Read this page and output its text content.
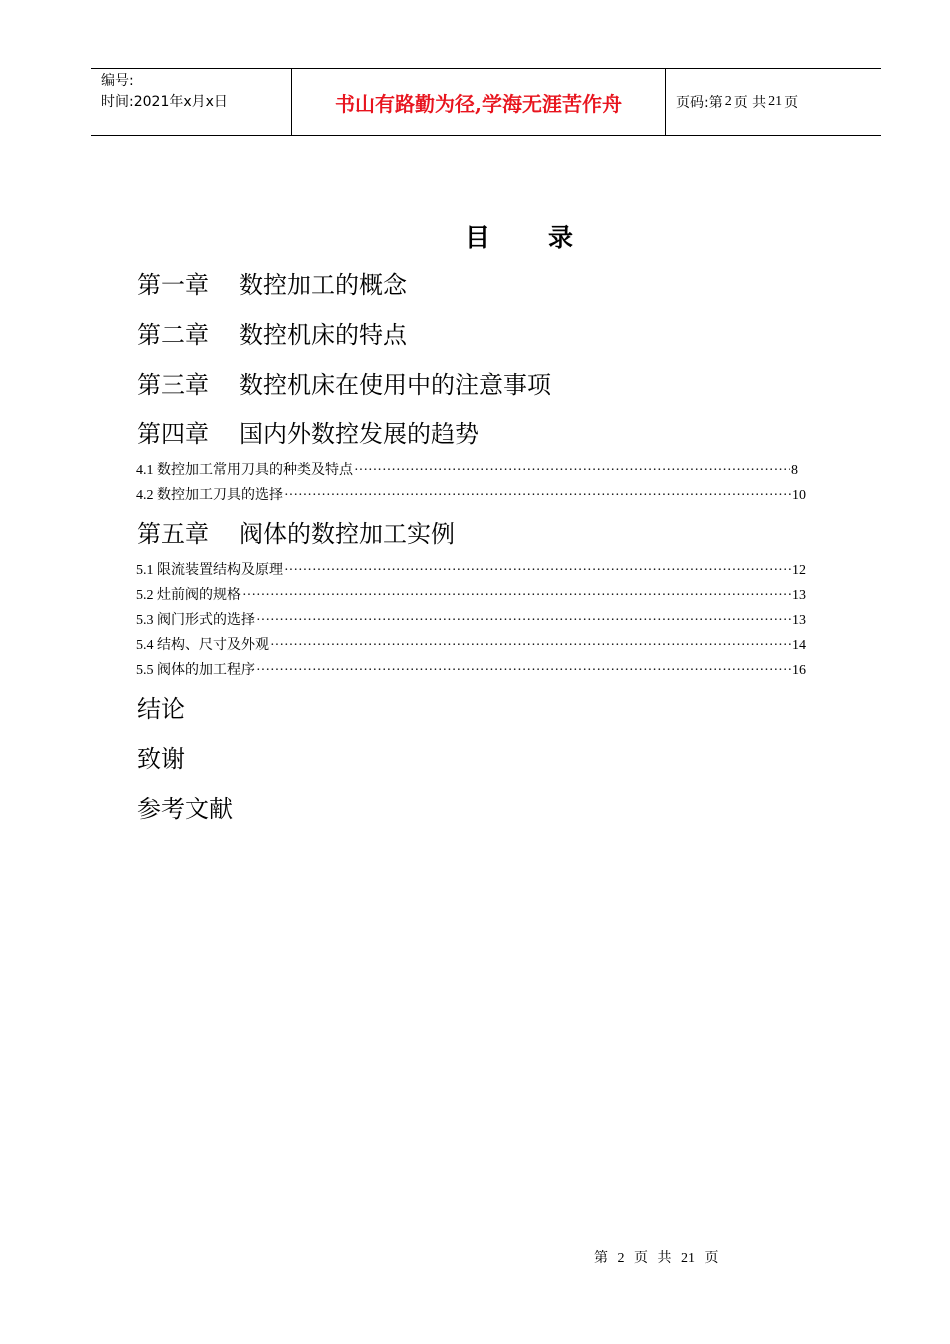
编号:
时间:2021年x月x日	书山有路勤为径,学海无涯苦作舟	页码:第 2 页 共 21 页
目 录
第一章 数控加工的概念
第二章 数控机床的特点
第三章 数控机床在使用中的注意事项
第四章 国内外数控发展的趋势
4.1 数控加工常用刀具的种类及特点 ·····	8
4.2 数控加工刀具的选择 ·····	10
第五章 阀体的数控加工实例
5.1 限流装置结构及原理 ·····	12
5.2 灶前阀的规格 ·····	13
5.3 阀门形式的选择 ·····	13
5.4 结构、尺寸及外观 ·····	14
5.5 阀体的加工程序 ·····	16
结论
致谢
参考文献
第 2 页 共 21 页
